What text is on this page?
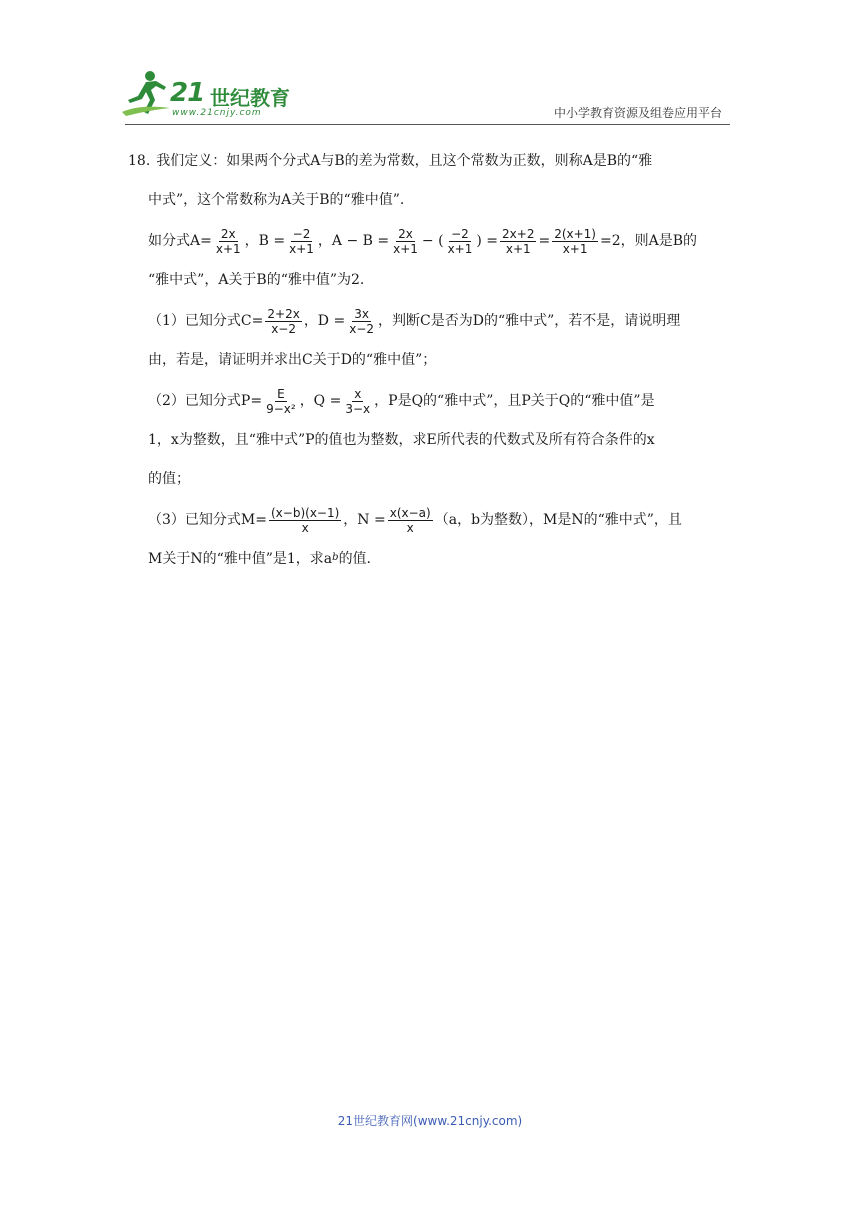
21 世纪教育
www.21cnjy.com	中小学教育资源及组卷应用平台
18. 我们定义：如果两个分式A与B的差为常数，且这个常数为正数，则称A是B的“雅
中式”，这个常数称为A关于B的“雅中值”.
如分式 $A= \frac{2x}{x+1}$ ，$B = \frac{-2}{x+1}$ ，$A - B = \frac{2x}{x+1}$ − ( $\frac{-2}{x+1}$ ) = $\frac{2x+2}{x+1} = \frac{2(x+1)}{x+1} =2$，则A是B的
“雅中式”，A关于B的“雅中值”为2.
（1）已知分式 $C= \frac{2+2x}{x-2}$ ，$D = \frac{3x}{x-2}$ ，判断C是否为D的“雅中式”，若不是，请说明理
由，若是，请证明并求出C关于D的“雅中值”；
（2）已知分式 $P= \frac{E}{\text{9−x²}}$ ，$Q = \frac{x}{3-x}$ ，P是Q的“雅中式”，且P关于Q的“雅中值”是
1，x为整数，且“雅中式”P的值也为整数，求E所代表的代数式及所有符合条件的x
的值；
（3）已知分式 $M= \frac{(x-b)(x-1)}{x}$ ，$N = \frac{x(x-a)}{x} (a$，b为整数），M是N的“雅中式”，且
M关于N的“雅中值”是1，求$a^b$ 的值.
21世纪教育网(www.21cnjy.com)
